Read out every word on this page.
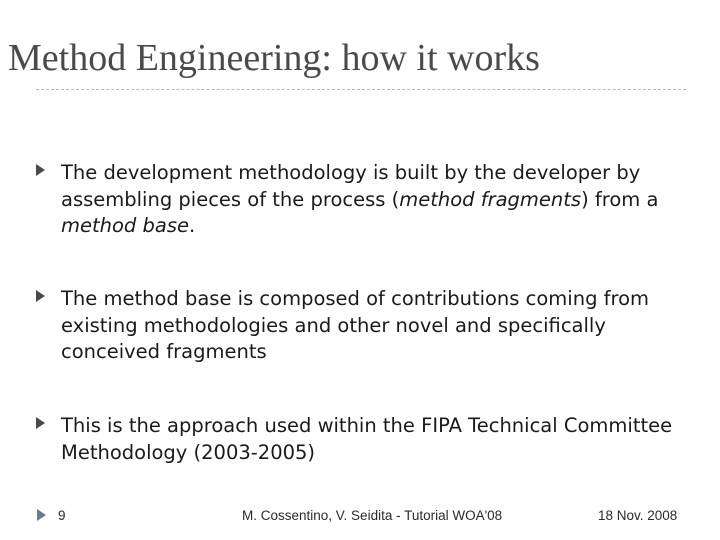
Method Engineering: how it works
The development methodology is built by the developer by assembling pieces of the process (method fragments) from a method base.
The method base is composed of contributions coming from existing methodologies and other novel and specifically conceived fragments
This is the approach used within the FIPA Technical Committee Methodology (2003-2005)
9	M. Cossentino, V. Seidita - Tutorial WOA'08	18 Nov. 2008
